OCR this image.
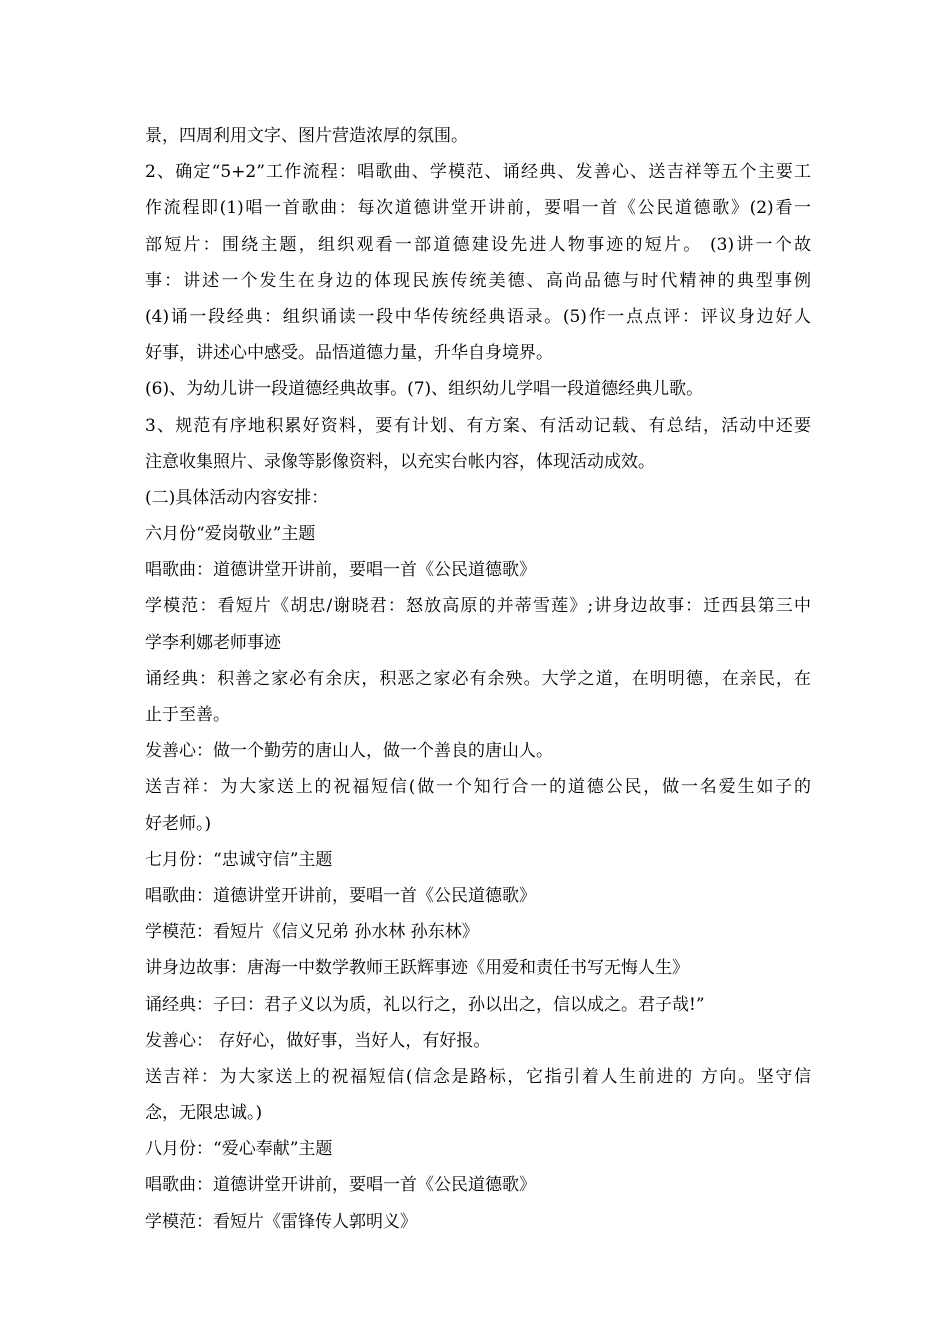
景，四周利用文字、图片营造浓厚的氛围。
2、确定“5+2”工作流程：唱歌曲、学模范、诵经典、发善心、送吉祥等五个主要工
作流程即(1)唱一首歌曲：每次道德讲堂开讲前，要唱一首《公民道德歌》(2)看一
部短片：围绕主题，组织观看一部道德建设先进人物事迹的短片。 (3)讲一个故
事：讲述一个发生在身边的体现民族传统美德、高尚品德与时代精神的典型事例
(4)诵一段经典：组织诵读一段中华传统经典语录。(5)作一点点评：评议身边好人
好事，讲述心中感受。品悟道德力量，升华自身境界。
(6)、为幼儿讲一段道德经典故事。(7)、组织幼儿学唱一段道德经典儿歌。
3、规范有序地积累好资料，要有计划、有方案、有活动记载、有总结，活动中还要
注意收集照片、录像等影像资料，以充实台帐内容，体现活动成效。
(二)具体活动内容安排：
六月份“爱岗敬业”主题
唱歌曲：道德讲堂开讲前，要唱一首《公民道德歌》
学模范：看短片《胡忠/谢晓君：怒放高原的并蒂雪莲》;讲身边故事：迁西县第三中
学李利娜老师事迹
诵经典：积善之家必有余庆，积恶之家必有余殃。大学之道，在明明德，在亲民，在
止于至善。
发善心：做一个勤劳的唐山人，做一个善良的唐山人。
送吉祥：为大家送上的祝福短信(做一个知行合一的道德公民，做一名爱生如子的
好老师。)
七月份：“忠诚守信”主题
唱歌曲：道德讲堂开讲前，要唱一首《公民道德歌》
学模范：看短片《信义兄弟 孙水林 孙东林》
讲身边故事：唐海一中数学教师王跃辉事迹《用爱和责任书写无悔人生》
诵经典：子曰：君子义以为质，礼以行之，孙以出之，信以成之。君子哉!”
发善心： 存好心，做好事，当好人，有好报。
送吉祥：为大家送上的祝福短信(信念是路标，它指引着人生前进的 方向。坚守信
念，无限忠诚。)
八月份：“爱心奉献”主题
唱歌曲：道德讲堂开讲前，要唱一首《公民道德歌》
学模范：看短片《雷锋传人郭明义》
